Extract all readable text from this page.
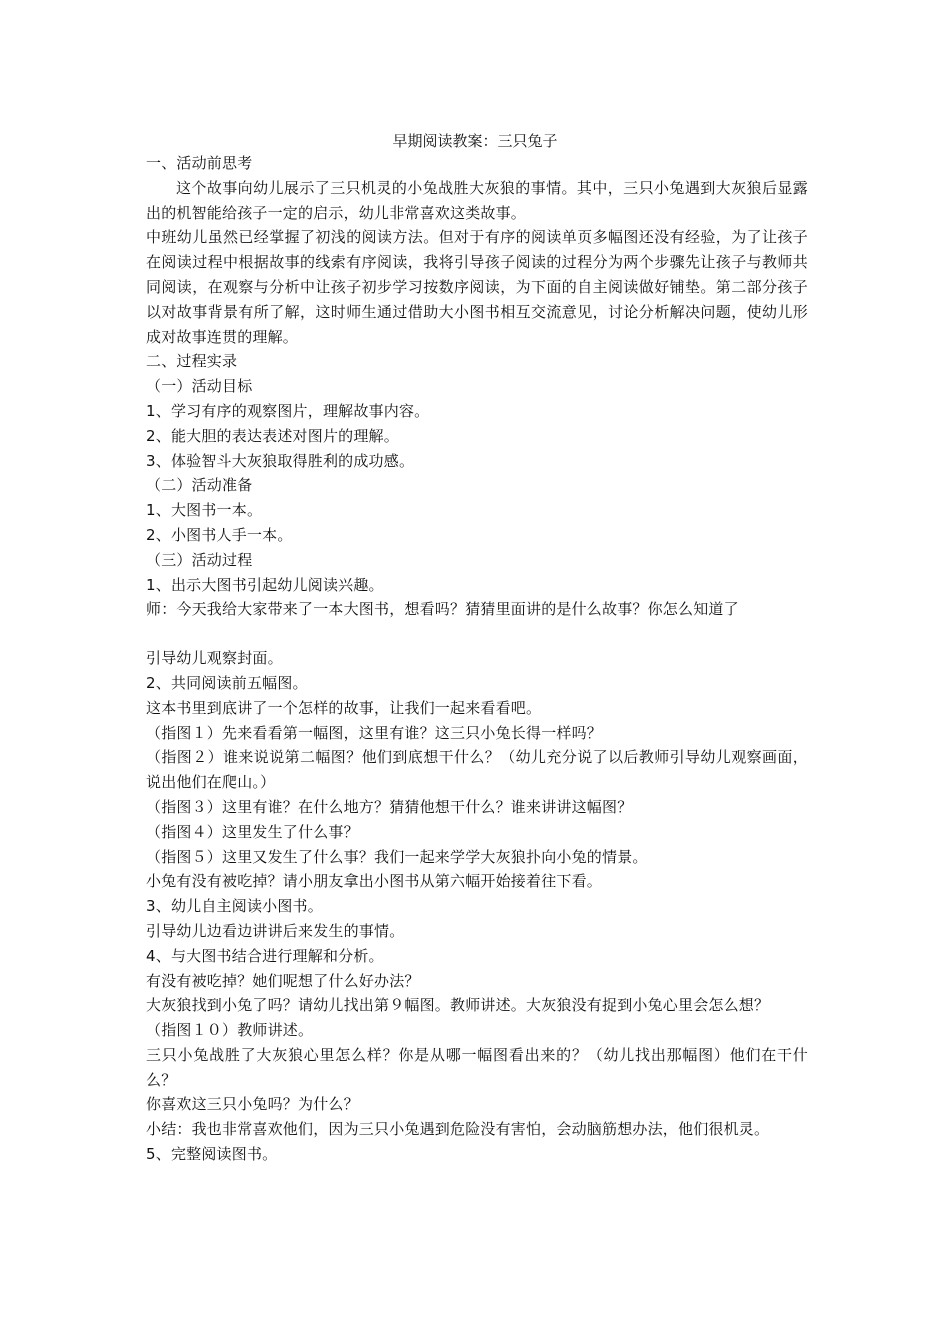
早期阅读教案：三只兔子

一、活动前思考

这个故事向幼儿展示了三只机灵的小兔战胜大灰狼的事情。其中，三只小兔遇到大灰狼后显露出的机智能给孩子一定的启示，幼儿非常喜欢这类故事。

中班幼儿虽然已经掌握了初浅的阅读方法。但对于有序的阅读单页多幅图还没有经验，为了让孩子在阅读过程中根据故事的线索有序阅读，我将引导孩子阅读的过程分为两个步骤先让孩子与教师共同阅读，在观察与分析中让孩子初步学习按数序阅读，为下面的自主阅读做好铺垫。第二部分孩子以对故事背景有所了解，这时师生通过借助大小图书相互交流意见，讨论分析解决问题，使幼儿形成对故事连贯的理解。

二、过程实录

（一）活动目标

1、学习有序的观察图片，理解故事内容。

2、能大胆的表达表述对图片的理解。

3、体验智斗大灰狼取得胜利的成功感。

（二）活动准备

1、大图书一本。

2、小图书人手一本。

（三）活动过程

1、出示大图书引起幼儿阅读兴趣。

师：今天我给大家带来了一本大图书，想看吗？猜猜里面讲的是什么故事？你怎么知道了

引导幼儿观察封面。

2、共同阅读前五幅图。

这本书里到底讲了一个怎样的故事，让我们一起来看看吧。

（指图１）先来看看第一幅图，这里有谁？这三只小兔长得一样吗？

（指图２）谁来说说第二幅图？他们到底想干什么？（幼儿充分说了以后教师引导幼儿观察画面，说出他们在爬山。）

（指图３）这里有谁？在什么地方？猜猜他想干什么？谁来讲讲这幅图？

（指图４）这里发生了什么事？

（指图５）这里又发生了什么事？我们一起来学学大灰狼扑向小兔的情景。

小兔有没有被吃掉？请小朋友拿出小图书从第六幅开始接着往下看。

3、幼儿自主阅读小图书。

引导幼儿边看边讲讲后来发生的事情。

4、与大图书结合进行理解和分析。

有没有被吃掉？她们呢想了什么好办法？

大灰狼找到小兔了吗？请幼儿找出第９幅图。教师讲述。大灰狼没有捉到小兔心里会怎么想？

（指图１０）教师讲述。

三只小兔战胜了大灰狼心里怎么样？你是从哪一幅图看出来的？（幼儿找出那幅图）他们在干什么？

你喜欢这三只小兔吗？为什么？

小结：我也非常喜欢他们，因为三只小兔遇到危险没有害怕，会动脑筋想办法，他们很机灵。

5、完整阅读图书。
